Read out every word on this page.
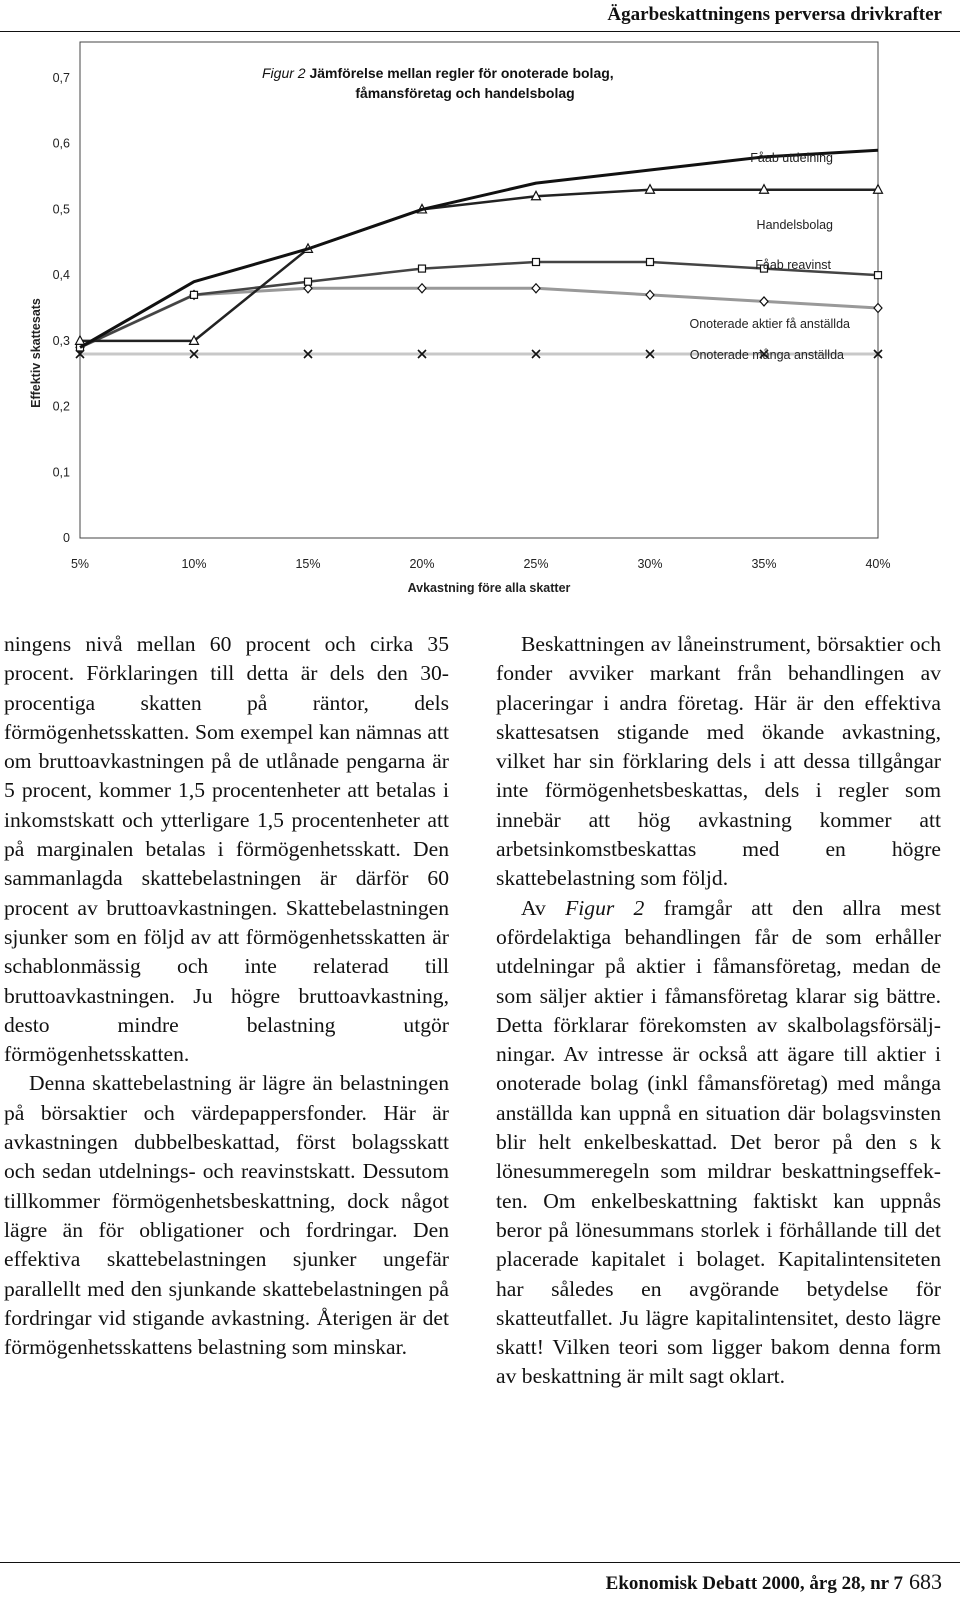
Ägarbeskattningens perversa drivkrafter
0
0,1
0,2
0,3
0,4
0,5
0,6
0,7
5%	10%	15%	20%	25%	30%	35%	40%
Avkastning före alla skatter
Effektiv skattesats
Figur 2 Jämförelse mellan regler för onoterade bolag,
fåmansföretag och handelsbolag
Fåab utdelning
Handelsbolag
Fåab reavinst
Onoterade aktier få anställda
Onoterade många anställda

ningens nivå mellan 60 procent och cirka 35 procent. Förklaringen till detta är dels den 30-procentiga skatten på räntor, dels förmögenhetsskatten. Som exempel kan nämnas att om bruttoavkastningen på de utlånade pengarna är 5 procent, kommer 1,5 procentenheter att betalas i inkomstskatt och ytterligare 1,5 procentenheter att på marginalen betalas i förmögenhetsskatt. Den sammanlagda skattebelastningen är därför 60 procent av bruttoavkastningen. Skattebelastningen sjunker som en följd av att förmögenhetsskatten är schablonmässig och inte relaterad till bruttoavkastningen. Ju högre bruttoavkastning, desto mindre belastning utgör förmögenhetsskatten.

Denna skattebelastning är lägre än belastningen på börsaktier och värdepappersfonder. Här är avkastningen dubbelbeskattad, först bolagsskatt och sedan utdelnings- och reavinstskatt. Dessutom tillkommer förmögenhetsbeskattning, dock något lägre än för obligationer och fordringar. Den effektiva skattebelastningen sjunker ungefär parallellt med den sjunkande skattebelastningen på fordringar vid stigande avkastning. Återigen är det förmögenhetsskattens belastning som minskar.

Beskattningen av låneinstrument, börsaktier och fonder avviker markant från behandlingen av placeringar i andra företag. Här är den effektiva skattesatsen stigande med ökande avkastning, vilket har sin förklaring dels i att dessa tillgångar inte förmögenhetsbeskattas, dels i regler som innebär att hög avkastning kommer att arbetsinkomstbeskattas med en högre skattebelastning som följd.

Av Figur 2 framgår att den allra mest ofördelaktiga behandlingen får de som erhåller utdelningar på aktier i fåmansföretag, medan de som säljer aktier i fåmansföretag klarar sig bättre. Detta förklarar förekomsten av skalbolagsförsäljningar. Av intresse är också att ägare till aktier i onoterade bolag (inkl fåmansföretag) med många anställda kan uppnå en situation där bolagsvinsten blir helt enkelbeskattad. Det beror på den s k lönesummeregeln som mildrar beskattningseffekten. Om enkelbeskattning faktiskt kan uppnås beror på lönesummans storlek i förhållande till det placerade kapitalet i bolaget. Kapitalintensiteten har således en avgörande betydelse för skatteutfallet. Ju lägre kapitalintensitet, desto lägre skatt! Vilken teori som ligger bakom denna form av beskattning är milt sagt oklart.

Ekonomisk Debatt 2000, årg 28, nr 7 683
